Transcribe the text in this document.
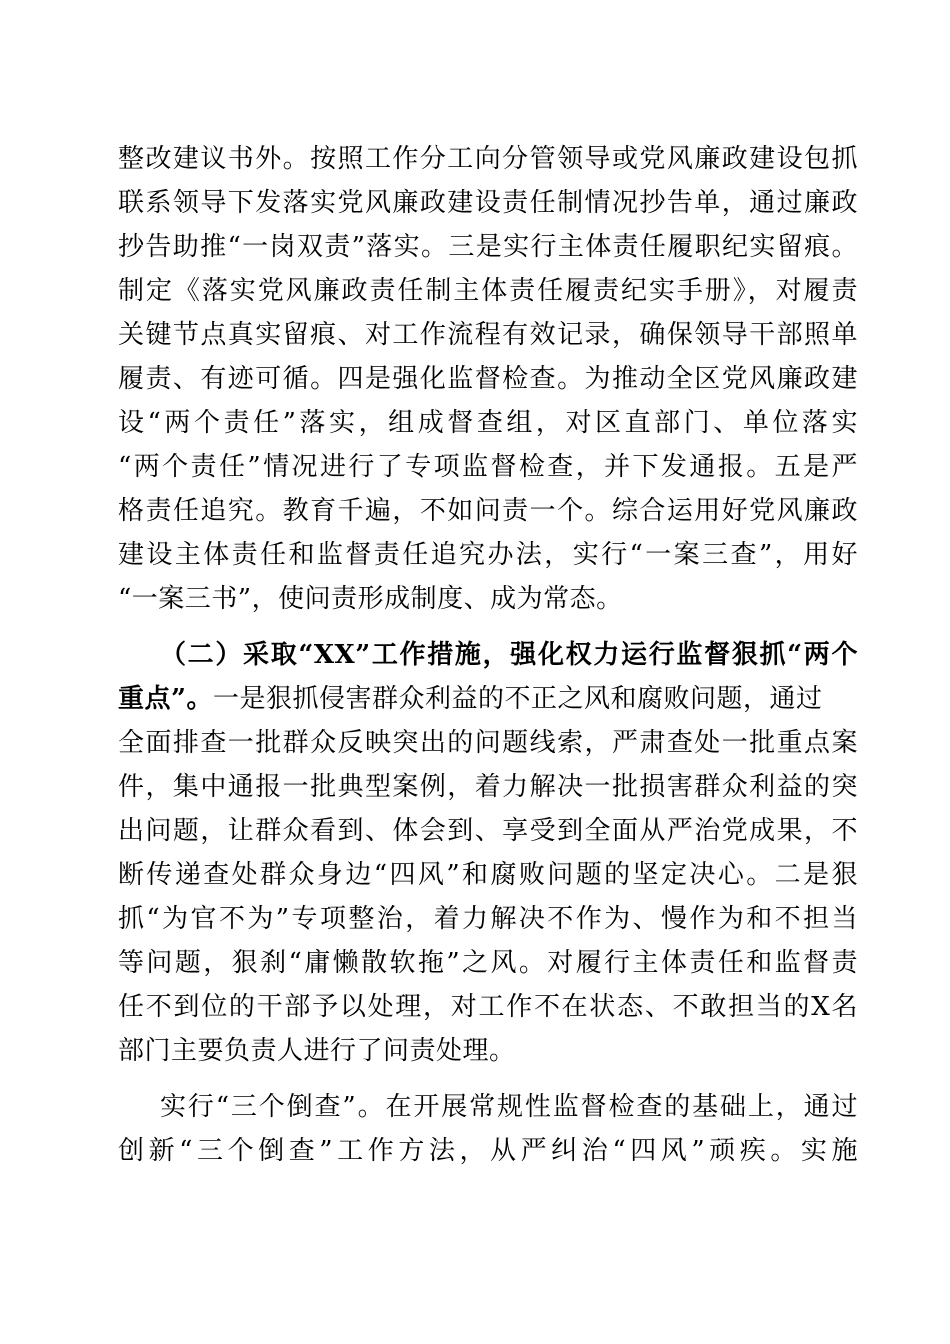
整改建议书外。按照工作分工向分管领导或党风廉政建设包抓
联系领导下发落实党风廉政建设责任制情况抄告单，通过廉政
抄告助推“一岗双责”落实。三是实行主体责任履职纪实留痕。
制定《落实党风廉政责任制主体责任履责纪实手册》，对履责
关键节点真实留痕、对工作流程有效记录，确保领导干部照单
履责、有迹可循。四是强化监督检查。为推动全区党风廉政建
设“两个责任”落实，组成督查组，对区直部门、单位落实
“两个责任”情况进行了专项监督检查，并下发通报。五是严
格责任追究。教育千遍，不如问责一个。综合运用好党风廉政
建设主体责任和监督责任追究办法，实行“一案三查”，用好
“一案三书”，使问责形成制度、成为常态。
（二）采取“XX”工作措施，强化权力运行监督狠抓“两个
重点”。一是狠抓侵害群众利益的不正之风和腐败问题，通过
全面排查一批群众反映突出的问题线索，严肃查处一批重点案
件，集中通报一批典型案例，着力解决一批损害群众利益的突
出问题，让群众看到、体会到、享受到全面从严治党成果，不
断传递查处群众身边“四风”和腐败问题的坚定决心。二是狠
抓“为官不为”专项整治，着力解决不作为、慢作为和不担当
等问题，狠刹“庸懒散软拖”之风。对履行主体责任和监督责
任不到位的干部予以处理，对工作不在状态、不敢担当的X名
部门主要负责人进行了问责处理。
实行“三个倒查”。在开展常规性监督检查的基础上，通过
创新“三个倒查”工作方法，从严纠治“四风”顽疾。实施
